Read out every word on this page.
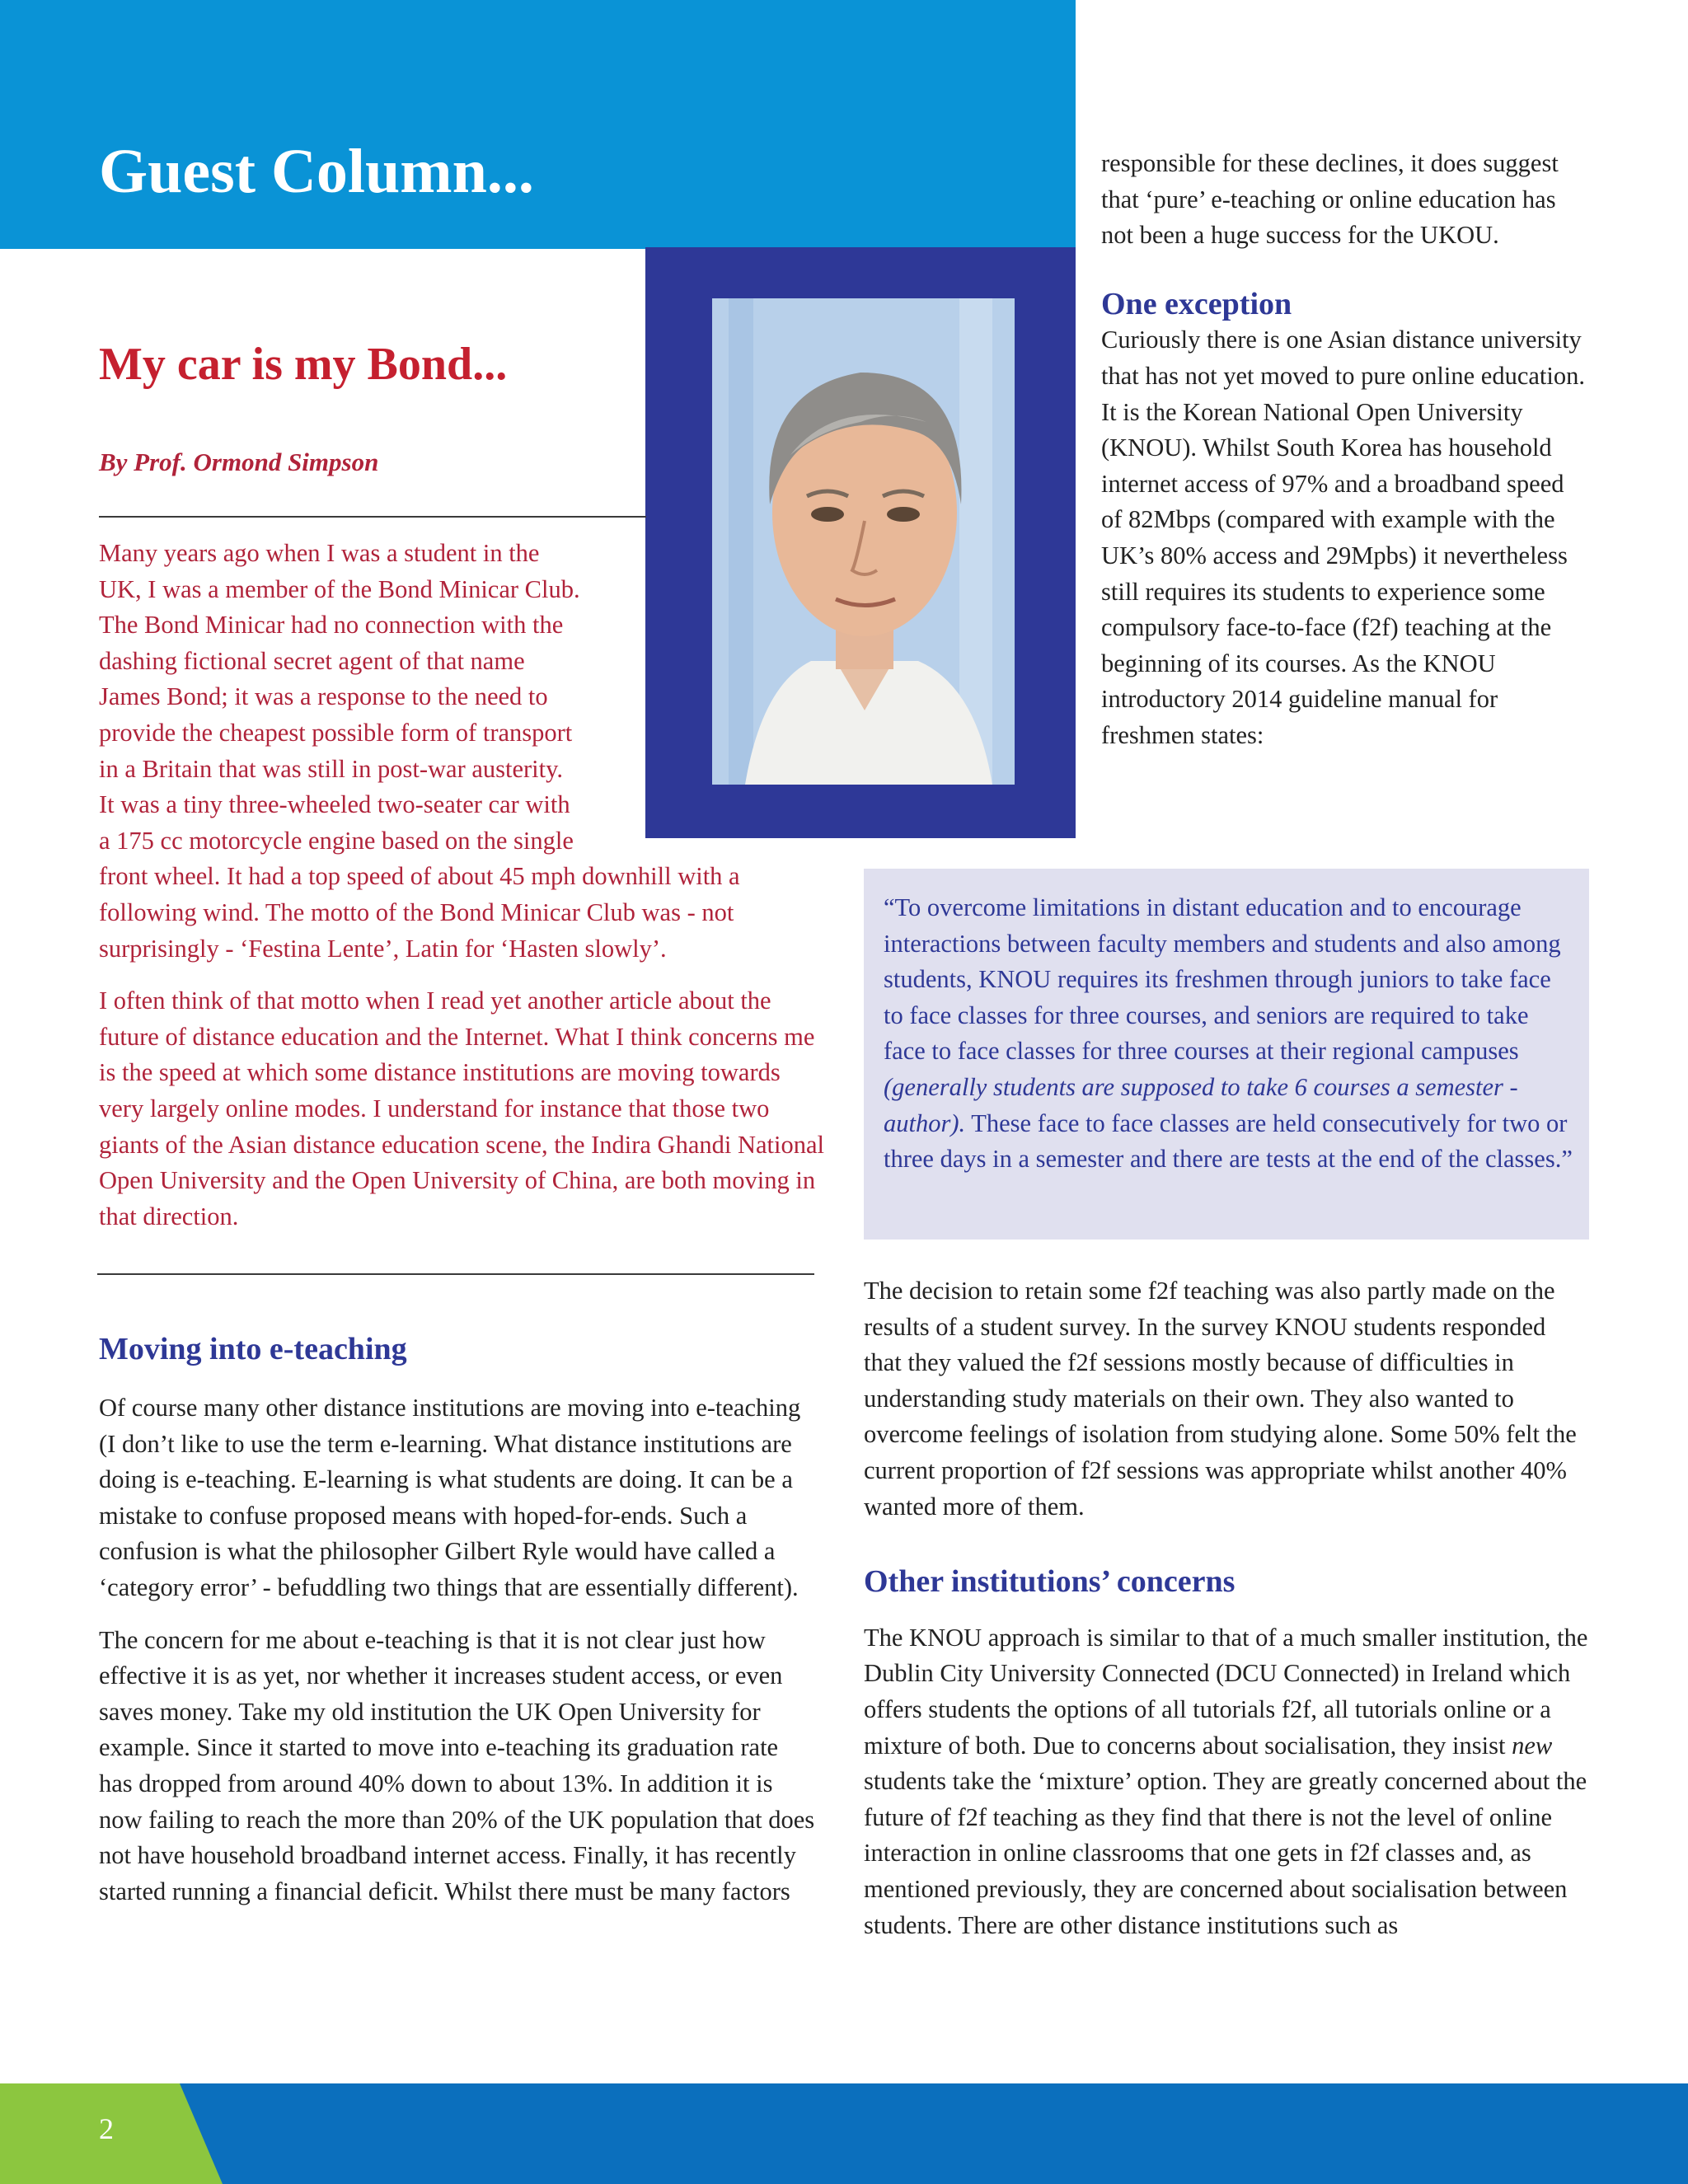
Guest Column...
My car is my Bond...
By Prof. Ormond Simpson
Many years ago when I was a student in the
UK, I was a member of the Bond Minicar Club.
The Bond Minicar had no connection with the
dashing fictional secret agent of that name
James Bond; it was a response to the need to
provide the cheapest possible form of transport
in a Britain that was still in post-war austerity.
It was a tiny three-wheeled two-seater car with
a 175 cc motorcycle engine based on the single

front wheel. It had a top speed of about 45 mph downhill with a following wind. The motto of the Bond Minicar Club was - not surprisingly - ‘Festina Lente’, Latin for ‘Hasten slowly’.

I often think of that motto when I read yet another article about the future of distance education and the Internet. What I think concerns me is the speed at which some distance institutions are moving towards very largely online modes. I understand for instance that those two giants of the Asian distance education scene, the Indira Ghandi National Open University and the Open University of China, are both moving in that direction.

Moving into e-teaching

Of course many other distance institutions are moving into e-teaching (I don’t like to use the term e-learning. What distance institutions are doing is e-teaching. E-learning is what students are doing. It can be a mistake to confuse proposed means with hoped-for-ends. Such a confusion is what the philosopher Gilbert Ryle would have called a ‘category error’ - befuddling two things that are essentially different).

The concern for me about e-teaching is that it is not clear just how effective it is as yet, nor whether it increases student access, or even saves money. Take my old institution the UK Open University for example. Since it started to move into e-teaching its graduation rate has dropped from around 40% down to about 13%. In addition it is now failing to reach the more than 20% of the UK population that does not have household broadband internet access. Finally, it has recently started running a financial deficit. Whilst there must be many factors

responsible for these declines, it does suggest that ‘pure’ e-teaching or online education has not been a huge success for the UKOU.

One exception

Curiously there is one Asian distance university that has not yet moved to pure online education. It is the Korean National Open University (KNOU). Whilst South Korea has household internet access of 97% and a broadband speed of 82Mbps (compared with example with the UK’s 80% access and 29Mpbs) it nevertheless still requires its students to experience some compulsory face-to-face (f2f) teaching at the beginning of its courses. As the KNOU introductory 2014 guideline manual for freshmen states:

“To overcome limitations in distant education and to encourage interactions between faculty members and students and also among students, KNOU requires its freshmen through juniors to take face to face classes for three courses, and seniors are required to take face to face classes for three courses at their regional campuses (generally students are supposed to take 6 courses a semester - author). These face to face classes are held consecutively for two or three days in a semester and there are tests at the end of the classes.”

The decision to retain some f2f teaching was also partly made on the results of a student survey. In the survey KNOU students responded that they valued the f2f sessions mostly because of difficulties in understanding study materials on their own. They also wanted to overcome feelings of isolation from studying alone. Some 50% felt the current proportion of f2f sessions was appropriate whilst another 40% wanted more of them.

Other institutions’ concerns

The KNOU approach is similar to that of a much smaller institution, the Dublin City University Connected (DCU Connected) in Ireland which offers students the options of all tutorials f2f, all tutorials online or a mixture of both. Due to concerns about socialisation, they insist new students take the ‘mixture’ option. They are greatly concerned about the future of f2f teaching as they find that there is not the level of online interaction in online classrooms that one gets in f2f classes and, as mentioned previously, they are concerned about socialisation between students. There are other distance institutions such as

2
